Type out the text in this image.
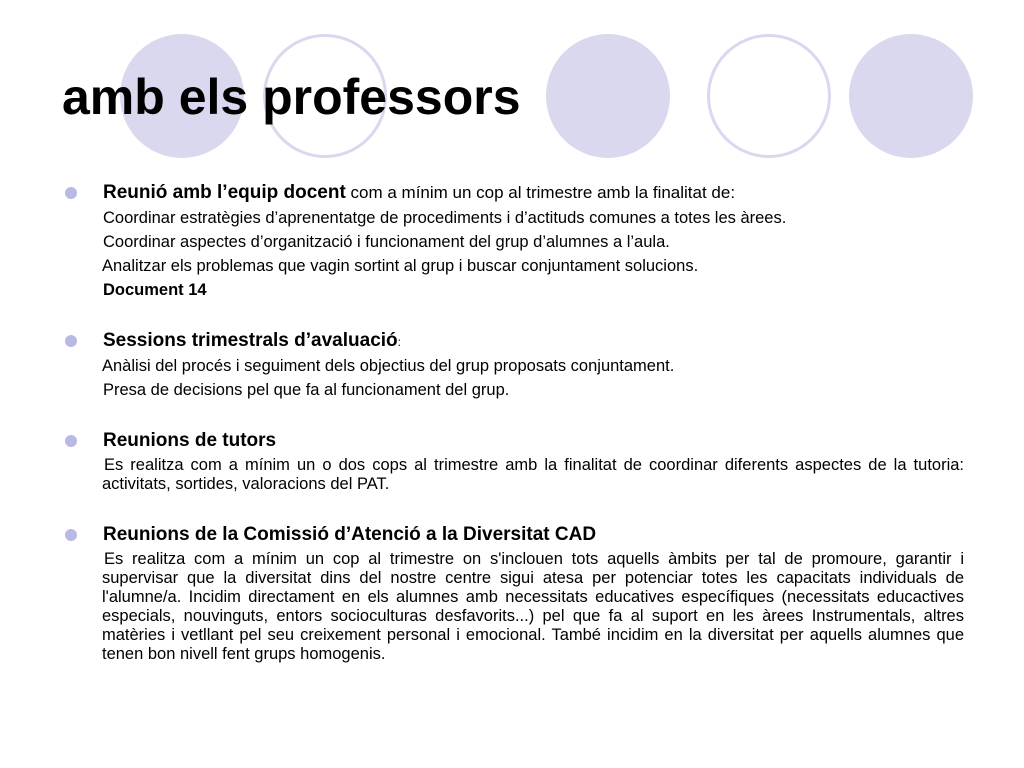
amb els professors
Reunió amb l’equip docent com a mínim un cop al trimestre amb la finalitat de:
Coordinar estratègies d’aprenentatge de procediments i d’actituds comunes a totes les àrees.
Coordinar aspectes d’organització i funcionament del grup d’alumnes a l’aula.
Analitzar els problemas que vagin sortint al grup i buscar conjuntament solucions.
Document 14
Sessions trimestrals d’avaluació:
Anàlisi del procés i seguiment dels objectius del grup proposats conjuntament.
Presa de decisions pel que fa al funcionament del grup.
Reunions de tutors
Es realitza com a mínim un o dos cops al trimestre amb la finalitat de coordinar diferents aspectes de la tutoria: activitats, sortides, valoracions del PAT.
Reunions de la Comissió d’Atenció a la Diversitat CAD
Es realitza com a mínim un cop al trimestre on s'inclouen tots aquells àmbits per tal de promoure, garantir i supervisar que la diversitat dins del nostre centre sigui atesa per potenciar totes les capacitats individuals de l'alumne/a. Incidim directament en els alumnes amb necessitats educatives específiques (necessitats educactives especials, nouvinguts, entors socioculturas desfavorits...) pel que fa al suport en les àrees Instrumentals, altres matèries i vetllant pel seu creixement personal i emocional. També incidim en la diversitat per aquells alumnes que tenen bon nivell fent grups homogenis.
